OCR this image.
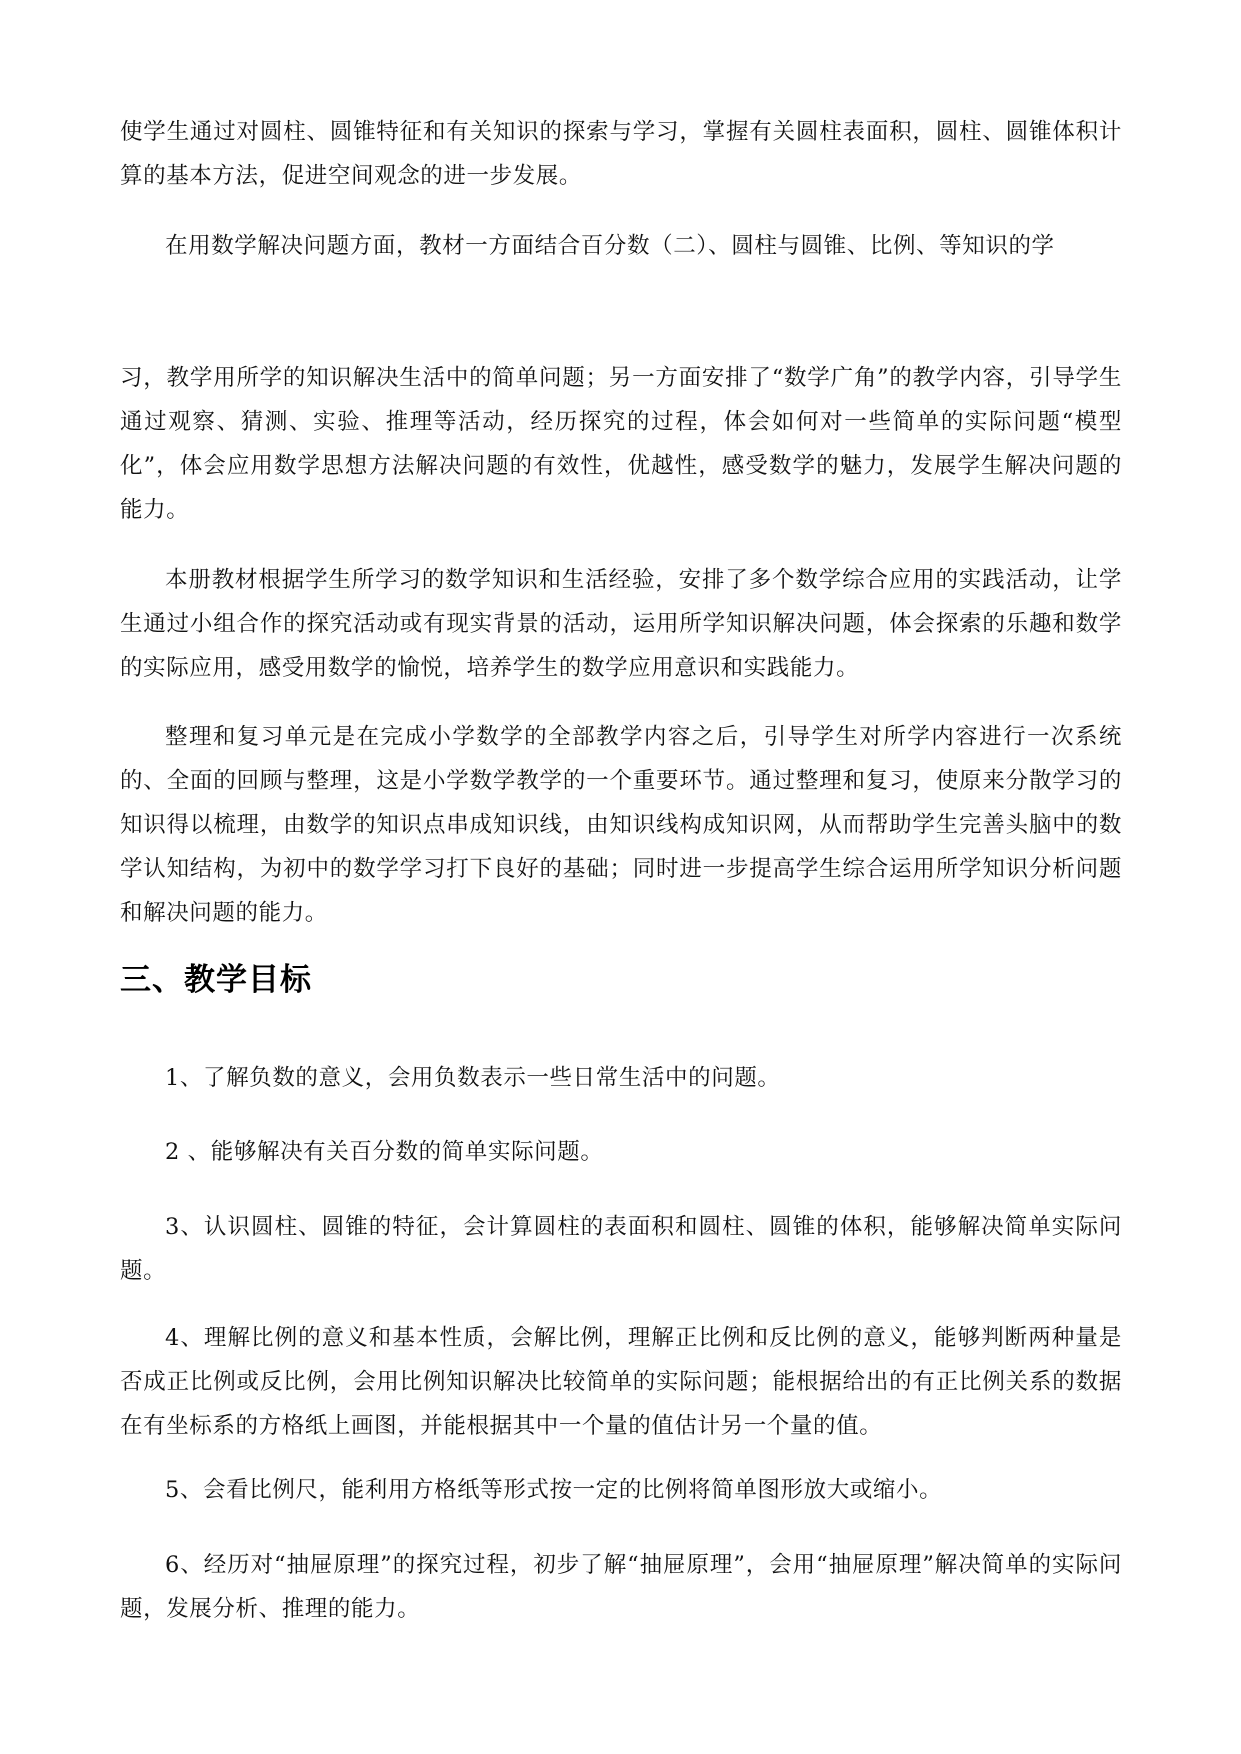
使学生通过对圆柱、圆锥特征和有关知识的探索与学习，掌握有关圆柱表面积，圆柱、圆锥体积计算的基本方法，促进空间观念的进一步发展。

在用数学解决问题方面，教材一方面结合百分数（二）、圆柱与圆锥、比例、等知识的学

习，教学用所学的知识解决生活中的简单问题；另一方面安排了“数学广角”的教学内容，引导学生通过观察、猜测、实验、推理等活动，经历探究的过程，体会如何对一些简单的实际问题“模型化”，体会应用数学思想方法解决问题的有效性，优越性，感受数学的魅力，发展学生解决问题的能力。

本册教材根据学生所学习的数学知识和生活经验，安排了多个数学综合应用的实践活动，让学生通过小组合作的探究活动或有现实背景的活动，运用所学知识解决问题，体会探索的乐趣和数学的实际应用，感受用数学的愉悦，培养学生的数学应用意识和实践能力。

整理和复习单元是在完成小学数学的全部教学内容之后，引导学生对所学内容进行一次系统的、全面的回顾与整理，这是小学数学教学的一个重要环节。通过整理和复习，使原来分散学习的知识得以梳理，由数学的知识点串成知识线，由知识线构成知识网，从而帮助学生完善头脑中的数学认知结构，为初中的数学学习打下良好的基础；同时进一步提高学生综合运用所学知识分析问题和解决问题的能力。

三、教学目标

1、了解负数的意义，会用负数表示一些日常生活中的问题。

2 、能够解决有关百分数的简单实际问题。

3、认识圆柱、圆锥的特征，会计算圆柱的表面积和圆柱、圆锥的体积，能够解决简单实际问题。

4、理解比例的意义和基本性质，会解比例，理解正比例和反比例的意义，能够判断两种量是否成正比例或反比例，会用比例知识解决比较简单的实际问题；能根据给出的有正比例关系的数据在有坐标系的方格纸上画图，并能根据其中一个量的值估计另一个量的值。

5、会看比例尺，能利用方格纸等形式按一定的比例将简单图形放大或缩小。

6、经历对“抽屉原理”的探究过程，初步了解“抽屉原理”，会用“抽屉原理”解决简单的实际问题，发展分析、推理的能力。
